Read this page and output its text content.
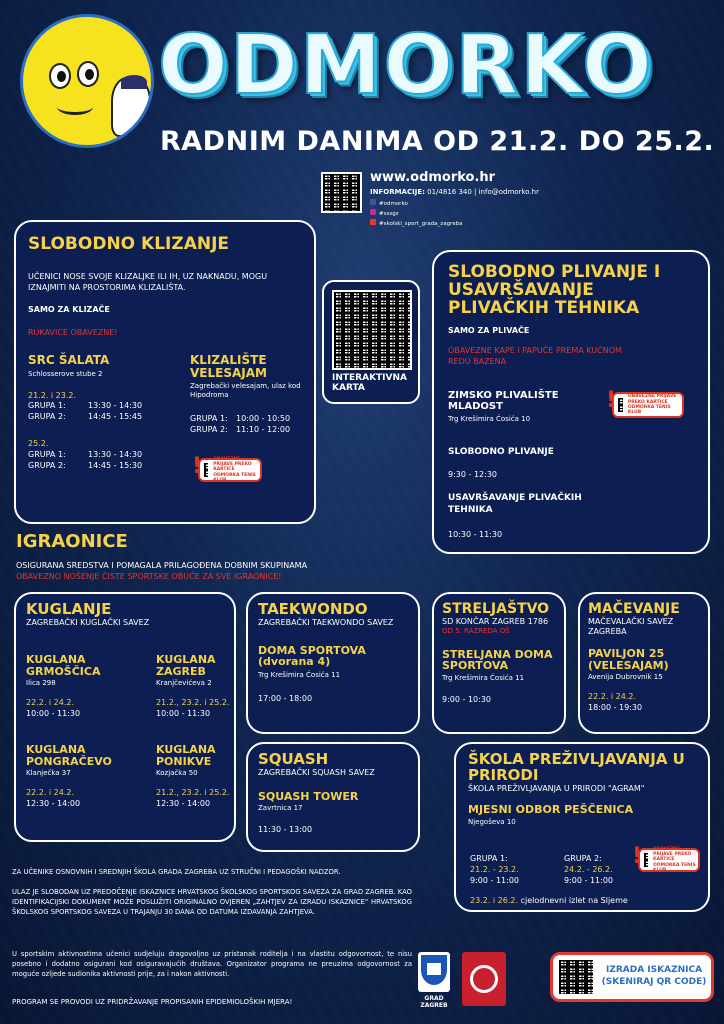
ODMORKO
RADNIM DANIMA OD 21.2. DO 25.2.
www.odmorko.hr
INFORMACIJE: 01/4816 340 | info@odmorko.hr
#odmorko
#sssgz
#skolski_sport_grada_zagreba
SLOBODNO KLIZANJE
UČENICI NOSE SVOJE KLIZALJKE ILI IH, UZ NAKNADU, MOGU IZNAJMITI NA PROSTORIMA KLIZALIŠTA.
SAMO ZA KLIZAČE
RUKAVICE OBAVEZNE!
SRC ŠALATA
Schlosserove stube 2
21.2. i 23.2.
GRUPA 1:	13:30 - 14:30
GRUPA 2:	14:45 - 15:45
25.2.
GRUPA 1:	13:30 - 14:30
GRUPA 2:	14:45 - 15:30
KLIZALIŠTE VELESAJAM
Zagrebački velesajam, ulaz kod Hipodroma
GRUPA 1:	10:00 - 10:50
GRUPA 2:	11:10 - 12:00
! OBAVEZNE PRIJAVE PREKO KARTICE ODMORKA TENIS KLUB
INTERAKTIVNA KARTA
SLOBODNO PLIVANJE I USAVRŠAVANJE PLIVAČKIH TEHNIKA
SAMO ZA PLIVAČE
OBAVEZNE KAPE I PAPUČE PREMA KUĆNOM REDU BAZENA
ZIMSKO PLIVALIŠTE MLADOST
Trg Krešimira Ćosića 10
!	OBAVEZNE PRIJAVE PREKO KARTICE ODMORKA TENIS KLUB
SLOBODNO PLIVANJE
9:30 - 12:30
USAVRŠAVANJE PLIVAČKIH TEHNIKA
10:30 - 11:30
IGRAONICE
OSIGURANA SREDSTVA I POMAGALA PRILAGOĐENA DOBNIM SKUPINAMA
OBAVEZNO NOŠENJE ČISTE SPORTSKE OBUĆE ZA SVE IGRAONICE!
KUGLANJE
ZAGREBAČKI KUGLAČKI SAVEZ
KUGLANA GRMOŠČICA
Ilica 298
22.2. i 24.2.
10:00 - 11:30
KUGLANA ZAGREB
Kranjčevićeva 2
21.2., 23.2. i 25.2.
10:00 - 11:30
KUGLANA PONGRAČEVO
Klanječka 37
22.2. i 24.2.
12:30 - 14:00
KUGLANA PONIKVE
Kozjačka 50
21.2., 23.2. i 25.2.
12:30 - 14:00
TAEKWONDO
ZAGREBAČKI TAEKWONDO SAVEZ
DOMA SPORTOVA (dvorana 4)
Trg Krešimira Ćosića 11
17:00 - 18:00
SQUASH
ZAGREBAČKI SQUASH SAVEZ
SQUASH TOWER
Zavrtnica 17
11:30 - 13:00
STRELJAŠTVO
SD KONČAR ZAGREB 1786
OD 5. RAZREDA OŠ
STRELJANA DOMA SPORTOVA
Trg Krešimira Ćosića 11
9:00 - 10:30
MAČEVANJE
MAČEVALAČKI SAVEZ ZAGREBA
PAVILJON 25 (VELESAJAM)
Avenija Dubrovnik 15
22.2. i 24.2.
18:00 - 19:30
ŠKOLA PREŽIVLJAVANJA U PRIRODI
ŠKOLA PREŽIVLJAVANJA U PRIRODI "AGRAM"
MJESNI ODBOR PEŠČENICA
Njegoševa 10
GRUPA 1:
21.2. - 23.2.
9:00 - 11:00
GRUPA 2:
24.2. - 26.2.
9:00 - 11:00
! OBAVEZNE PRIJAVE PREKO KARTICE ODMORKA TENIS KLUB
23.2. i 26.2. cjelodnevni izlet na Sljeme
ZA UČENIKE OSNOVNIH I SREDNJIH ŠKOLA GRADA ZAGREBA UZ STRUČNI I PEDAGOŠKI NADZOR.
ULAZ JE SLOBODAN UZ PREDOČENJE ISKAZNICE HRVATSKOG ŠKOLSKOG SPORTSKOG SAVEZA ZA GRAD ZAGREB. KAO IDENTIFIKACIJSKI DOKUMENT MOŽE POSLUŽITI ORIGINALNO OVJEREN „ZAHTJEV ZA IZRADU ISKAZNICE“ HRVATSKOG ŠKOLSKOG SPORTSKOG SAVEZA U TRAJANJU 30 DANA OD DATUMA IZDAVANJA ZAHTJEVA.
U sportskim aktivnostima učenici sudjeluju dragovoljno uz pristanak roditelja i na vlastitu odgovornost, te nisu posebno i dodatno osigurani kod osiguravajućih društava. Organizator programa ne preuzima odgovornost za moguće ozljede sudionika aktivnosti prije, za i nakon aktivnosti.
PROGRAM SE PROVODI UZ PRIDRŽAVANJE PROPISANIH EPIDEMIOLOŠKIH MJERA!	GRAD ZAGREB
IZRADA ISKAZNICA (SKENIRAJ QR CODE)
